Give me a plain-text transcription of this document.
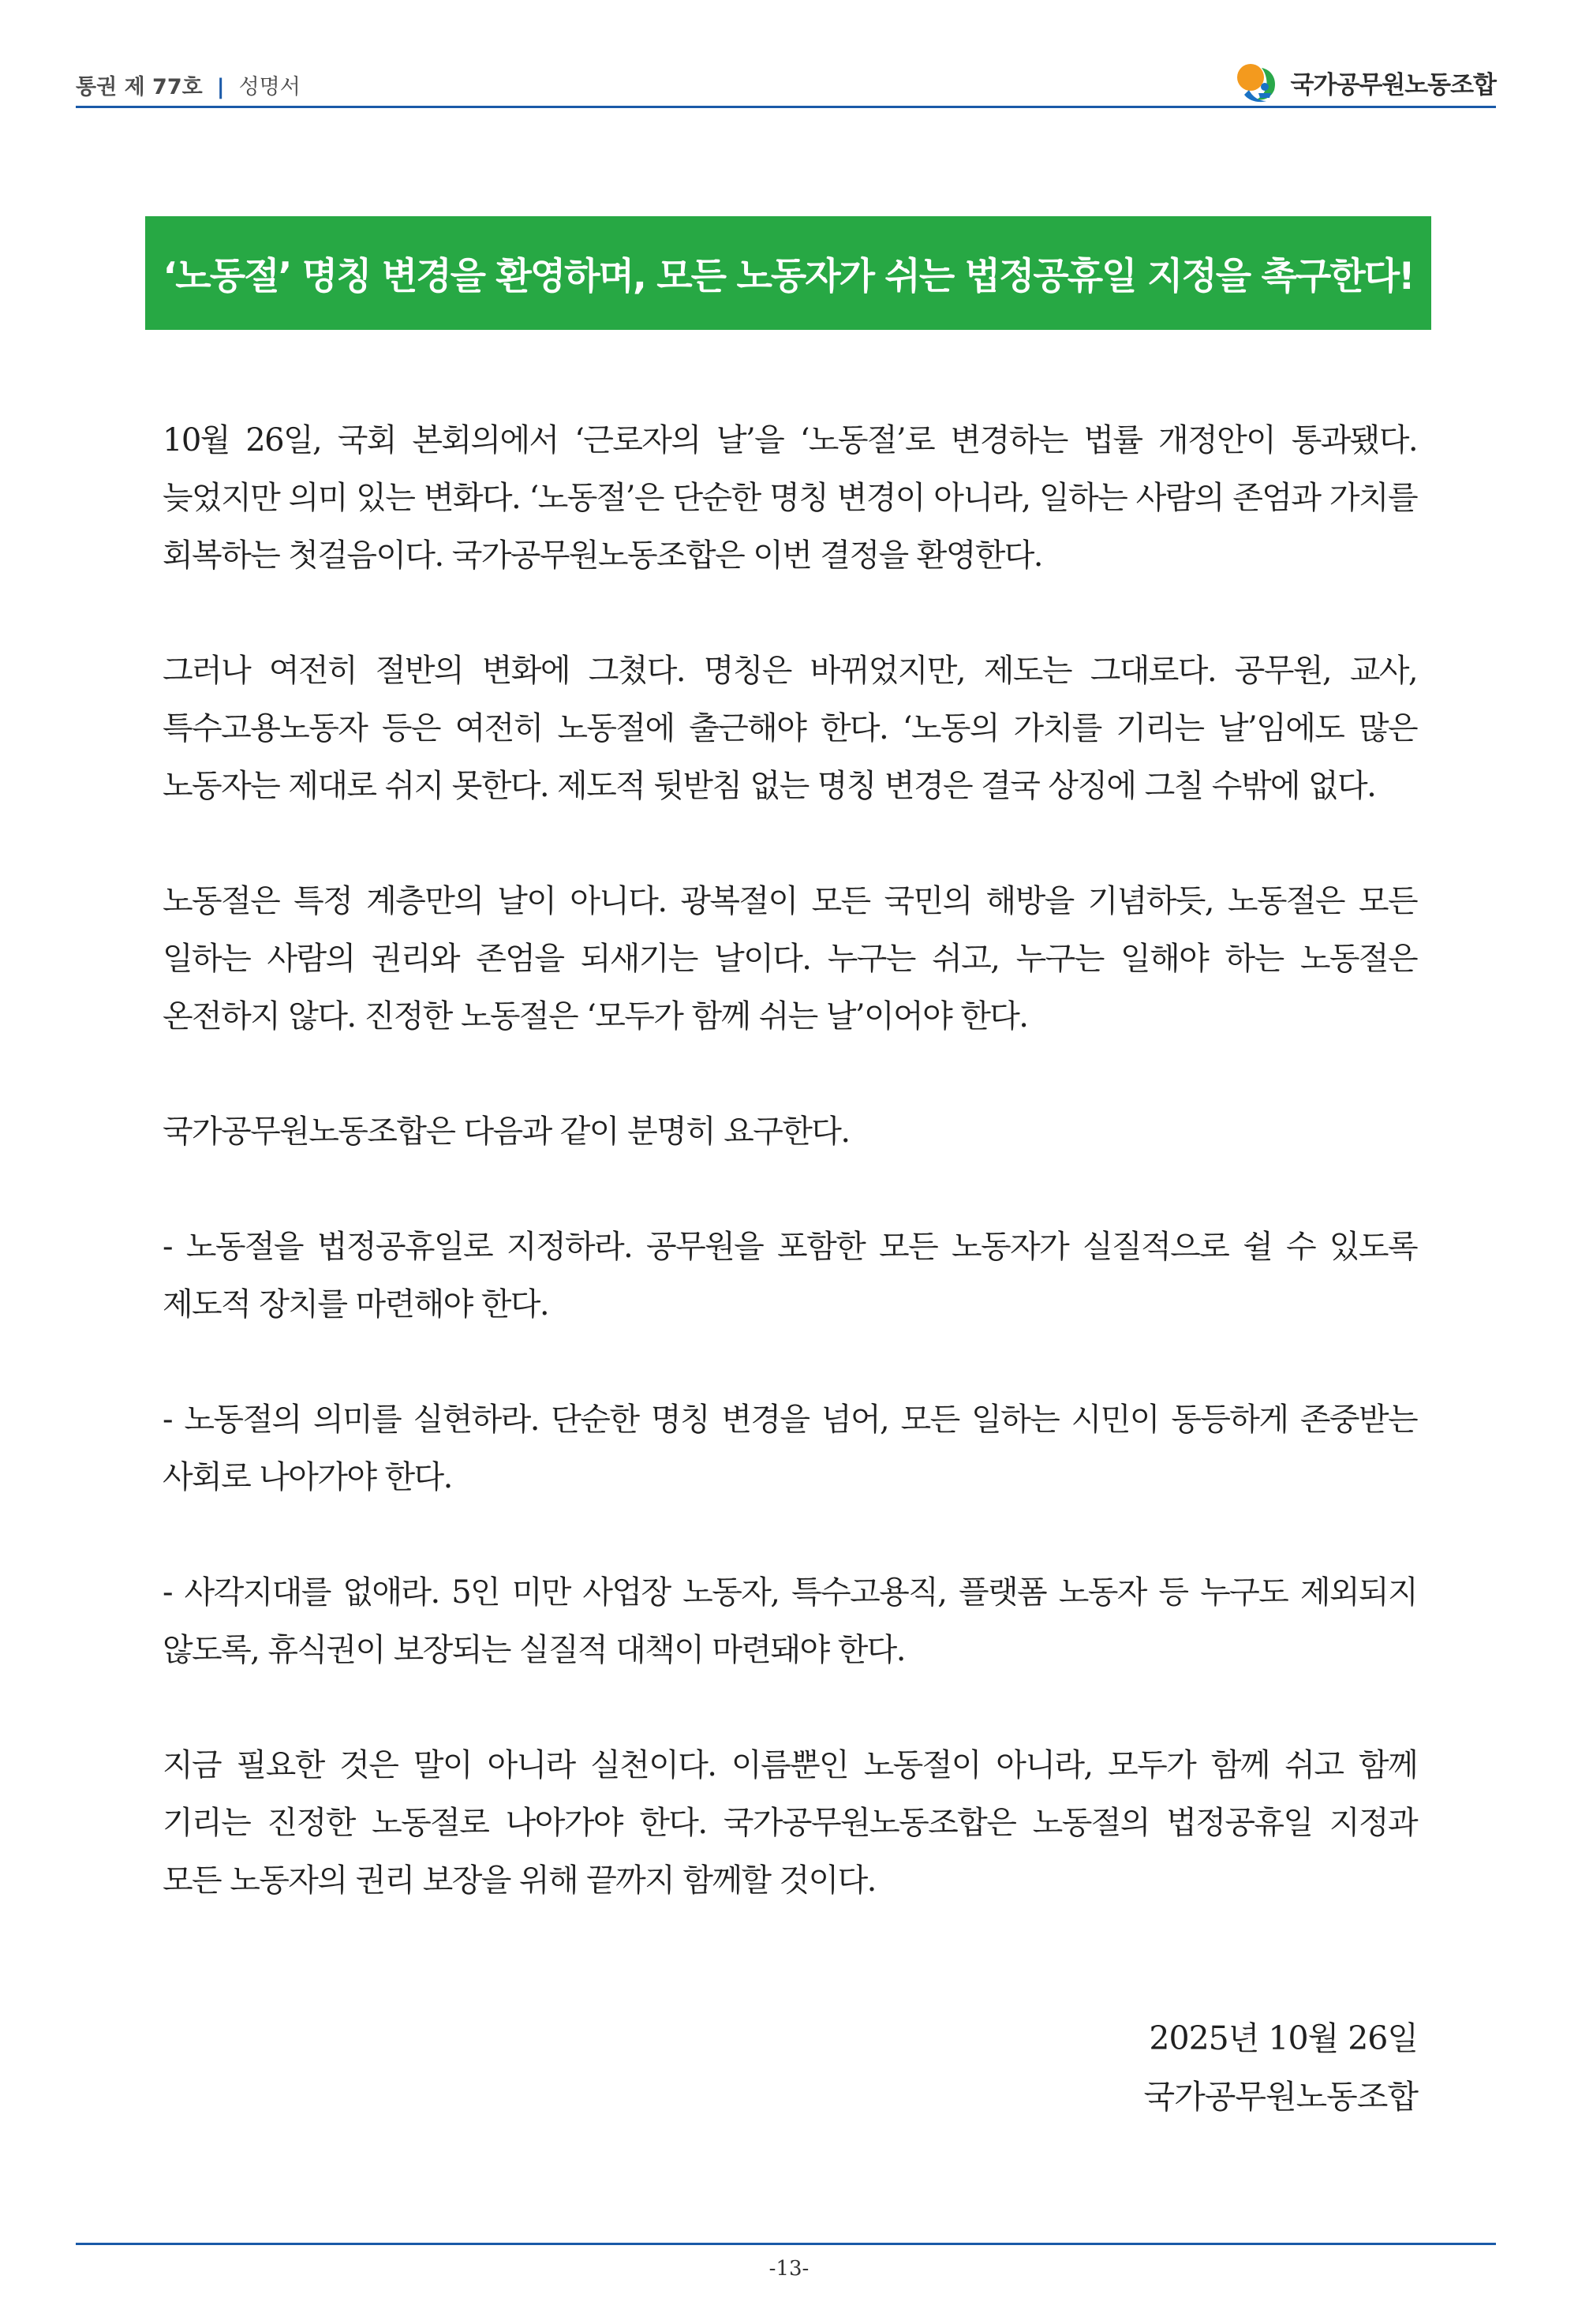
통권 제 77호 | 성명서	국가공무원노동조합
‘노동절’ 명칭 변경을 환영하며, 모든 노동자가 쉬는 법정공휴일 지정을 촉구한다!

10월 26일, 국회 본회의에서 ‘근로자의 날’을 ‘노동절’로 변경하는 법률 개정안이 통과됐다. 늦었지만 의미 있는 변화다. ‘노동절’은 단순한 명칭 변경이 아니라, 일하는 사람의 존엄과 가치를 회복하는 첫걸음이다. 국가공무원노동조합은 이번 결정을 환영한다.

그러나 여전히 절반의 변화에 그쳤다. 명칭은 바뀌었지만, 제도는 그대로다. 공무원, 교사, 특수고용노동자 등은 여전히 노동절에 출근해야 한다. ‘노동의 가치를 기리는 날’임에도 많은 노동자는 제대로 쉬지 못한다. 제도적 뒷받침 없는 명칭 변경은 결국 상징에 그칠 수밖에 없다.

노동절은 특정 계층만의 날이 아니다. 광복절이 모든 국민의 해방을 기념하듯, 노동절은 모든 일하는 사람의 권리와 존엄을 되새기는 날이다. 누구는 쉬고, 누구는 일해야 하는 노동절은 온전하지 않다. 진정한 노동절은 ‘모두가 함께 쉬는 날’이어야 한다.

국가공무원노동조합은 다음과 같이 분명히 요구한다.

- 노동절을 법정공휴일로 지정하라. 공무원을 포함한 모든 노동자가 실질적으로 쉴 수 있도록 제도적 장치를 마련해야 한다.

- 노동절의 의미를 실현하라. 단순한 명칭 변경을 넘어, 모든 일하는 시민이 동등하게 존중받는 사회로 나아가야 한다.

- 사각지대를 없애라. 5인 미만 사업장 노동자, 특수고용직, 플랫폼 노동자 등 누구도 제외되지 않도록, 휴식권이 보장되는 실질적 대책이 마련돼야 한다.

지금 필요한 것은 말이 아니라 실천이다. 이름뿐인 노동절이 아니라, 모두가 함께 쉬고 함께 기리는 진정한 노동절로 나아가야 한다. 국가공무원노동조합은 노동절의 법정공휴일 지정과 모든 노동자의 권리 보장을 위해 끝까지 함께할 것이다.

2025년 10월 26일
국가공무원노동조합
-13-
